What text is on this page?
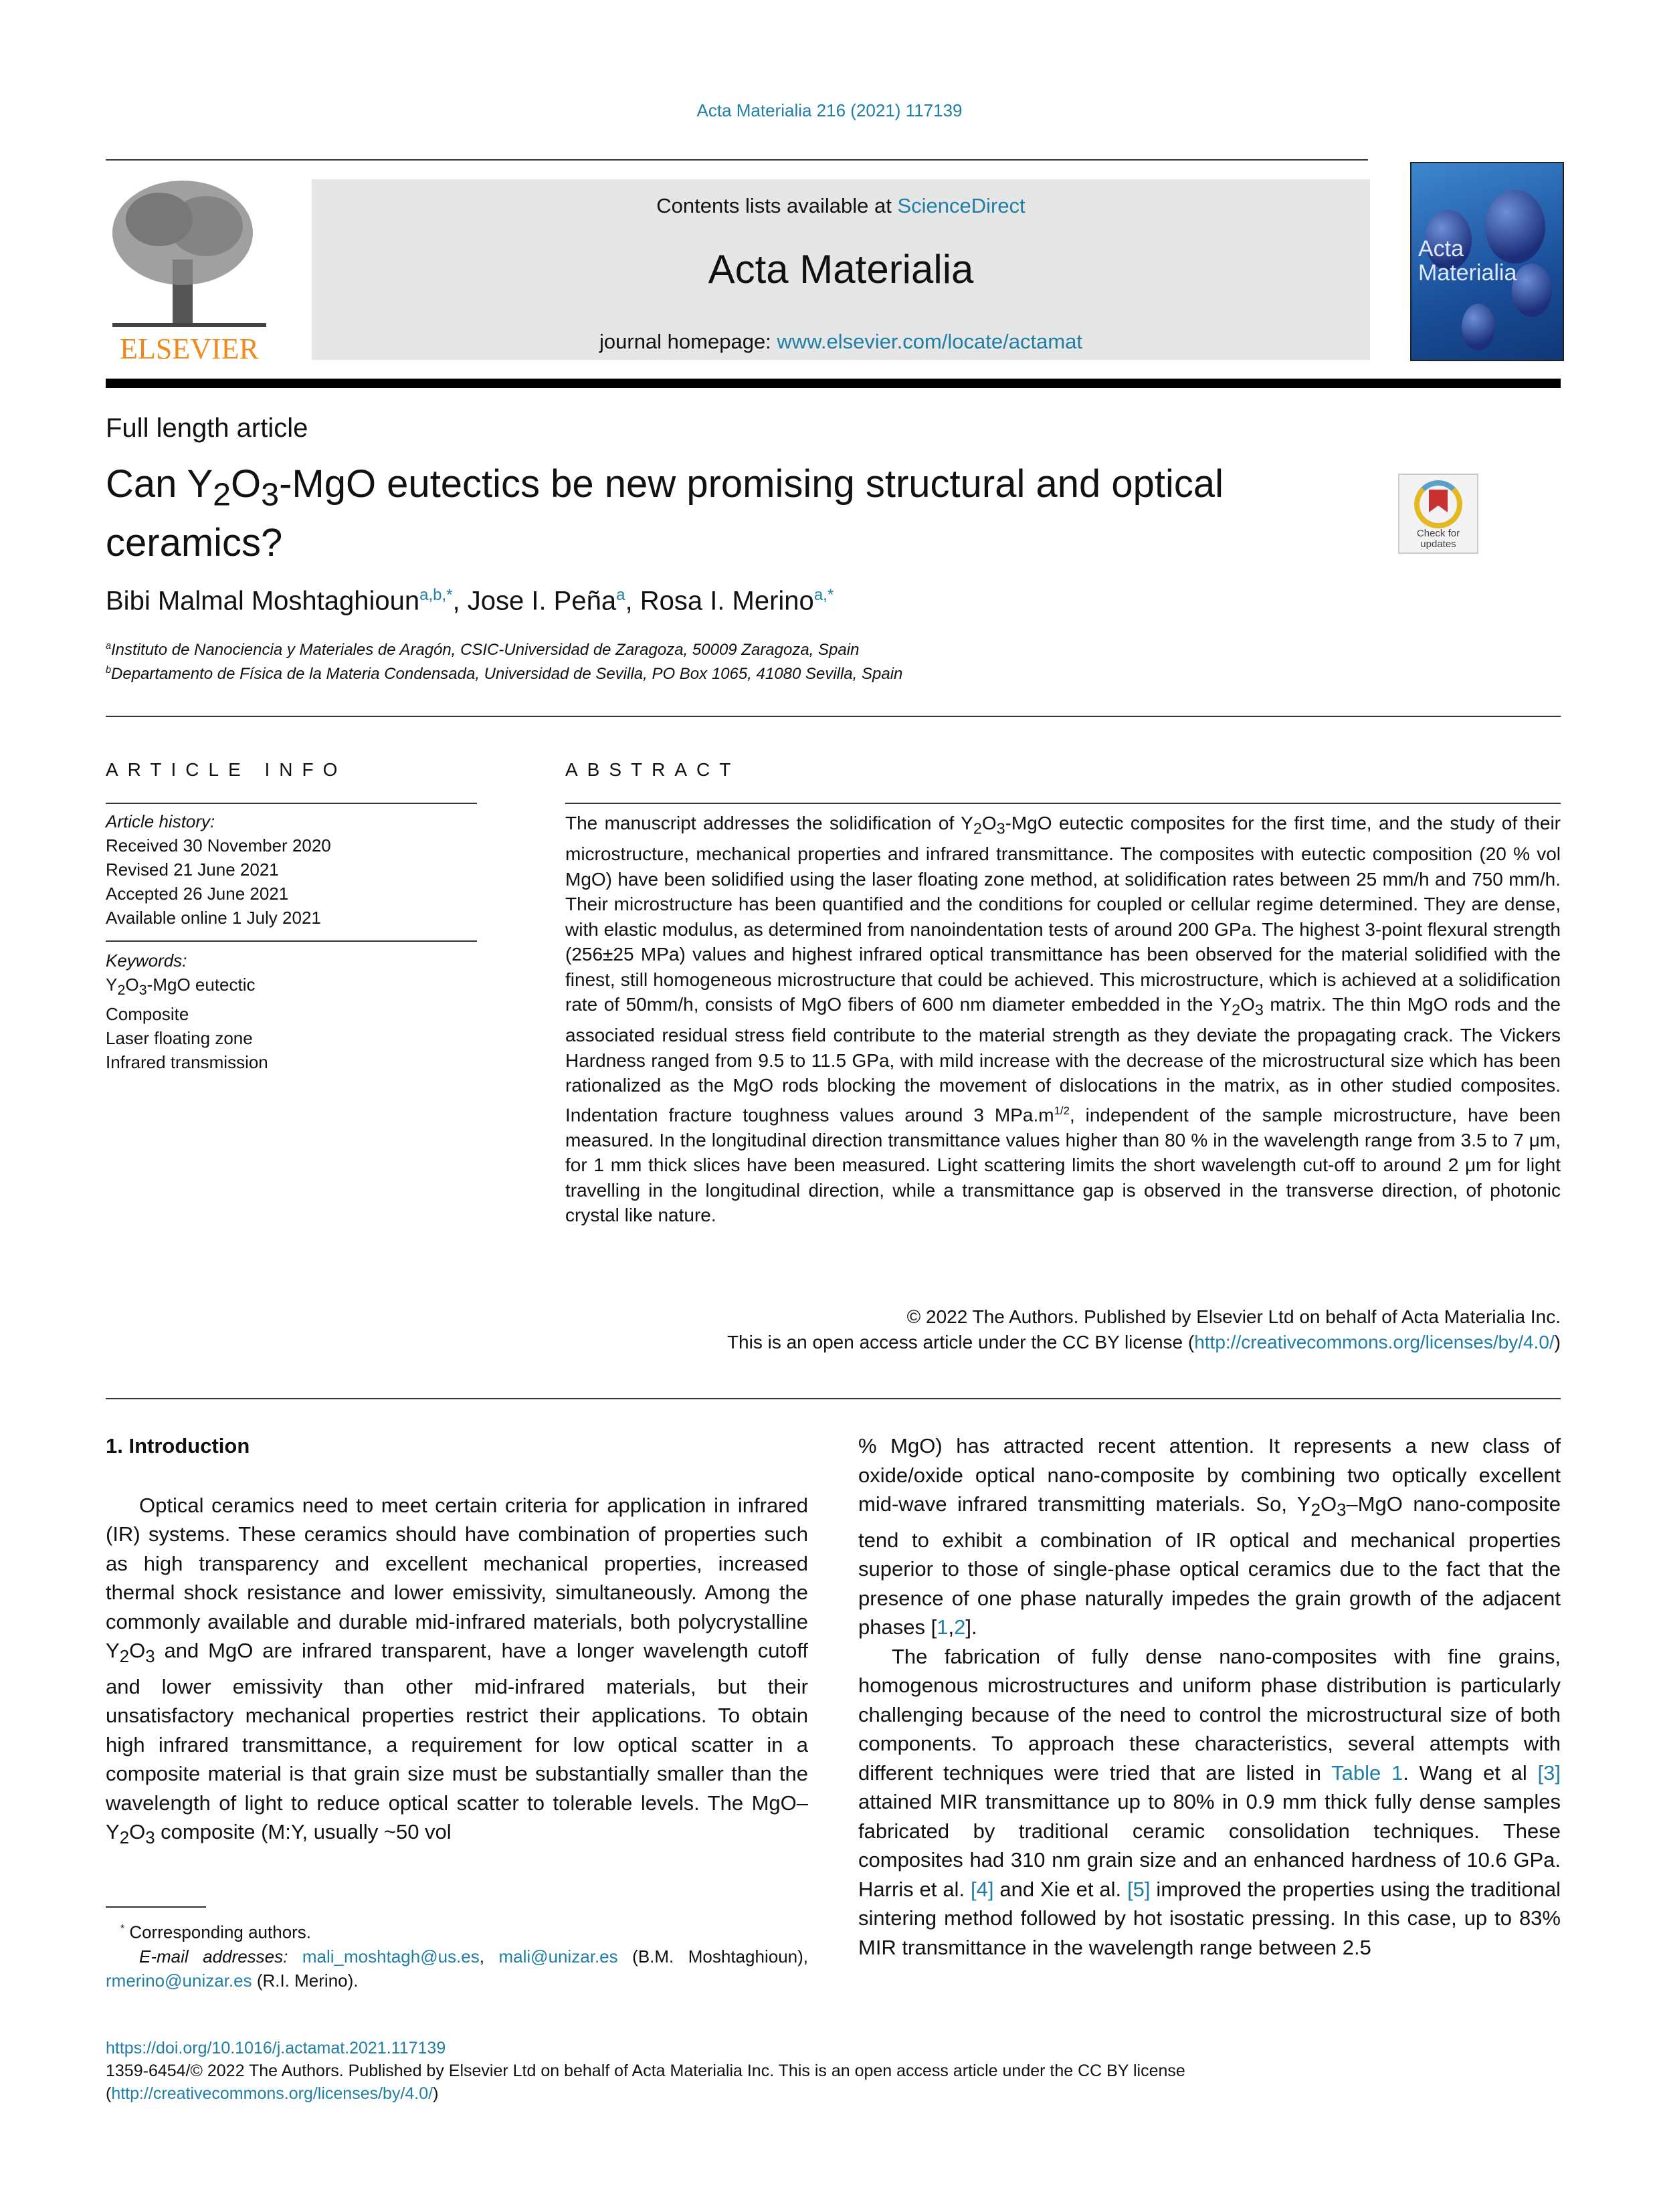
Acta Materialia 216 (2021) 117139
ELSEVIER
Contents lists available at ScienceDirect
Acta Materialia
journal homepage: www.elsevier.com/locate/actamat
Acta
Materialia
Full length article
Can $Y_2O_3$-MgO eutectics be new promising structural and optical ceramics?	Check for updates
Bibi Malmal Moshtaghioun$^{a,b,*}$, Jose I. Peña$^a$, Rosa I. Merino$^{a,*}$
$^a$Instituto de Nanociencia y Materiales de Aragón, CSIC-Universidad de Zaragoza, 50009 Zaragoza, Spain
$^b$Departamento de Física de la Materia Condensada, Universidad de Sevilla, PO Box 1065, 41080 Sevilla, Spain
ARTICLE INFO	ABSTRACT
Article history:
Received 30 November 2020
Revised 21 June 2021
Accepted 26 June 2021
Available online 1 July 2021
Keywords:
$Y_2O_3$-MgO eutectic
Composite
Laser floating zone
Infrared transmission
The manuscript addresses the solidification of $Y_2O_3$-MgO eutectic composites for the first time, and the study of their microstructure, mechanical properties and infrared transmittance. The composites with eutectic composition (20 % vol MgO) have been solidified using the laser floating zone method, at solidification rates between 25 mm/h and 750 mm/h. Their microstructure has been quantified and the conditions for coupled or cellular regime determined. They are dense, with elastic modulus, as determined from nanoindentation tests of around 200 GPa. The highest 3-point flexural strength (256±25 MPa) values and highest infrared optical transmittance has been observed for the material solidified with the finest, still homogeneous microstructure that could be achieved. This microstructure, which is achieved at a solidification rate of 50mm/h, consists of MgO fibers of 600 nm diameter embedded in the $Y_2O_3$ matrix. The thin MgO rods and the associated residual stress field contribute to the material strength as they deviate the propagating crack. The Vickers Hardness ranged from 9.5 to 11.5 GPa, with mild increase with the decrease of the microstructural size which has been rationalized as the MgO rods blocking the movement of dislocations in the matrix, as in other studied composites. Indentation fracture toughness values around 3 $MPa.m^{1/2}$, independent of the sample microstructure, have been measured. In the longitudinal direction transmittance values higher than 80 % in the wavelength range from 3.5 to 7 μm, for 1 mm thick slices have been measured. Light scattering limits the short wavelength cut-off to around 2 μm for light travelling in the longitudinal direction, while a transmittance gap is observed in the transverse direction, of photonic crystal like nature.
© 2022 The Authors. Published by Elsevier Ltd on behalf of Acta Materialia Inc.
This is an open access article under the CC BY license (http://creativecommons.org/licenses/by/4.0/)
1. Introduction

Optical ceramics need to meet certain criteria for application in infrared (IR) systems. These ceramics should have combination of properties such as high transparency and excellent mechanical properties, increased thermal shock resistance and lower emissivity, simultaneously. Among the commonly available and durable mid-infrared materials, both polycrystalline $Y_2O_3$ and MgO are infrared transparent, have a longer wavelength cutoff and lower emissivity than other mid-infrared materials, but their unsatisfactory mechanical properties restrict their applications. To obtain high infrared transmittance, a requirement for low optical scatter in a composite material is that grain size must be substantially smaller than the wavelength of light to reduce optical scatter to tolerable levels. The MgO–$Y_2O_3$ composite (M:Y, usually ~50 vol

* Corresponding authors.
E-mail addresses: mali_moshtagh@us.es, mali@unizar.es (B.M. Moshtaghioun), rmerino@unizar.es (R.I. Merino).

% MgO) has attracted recent attention. It represents a new class of oxide/oxide optical nano-composite by combining two optically excellent mid-wave infrared transmitting materials. So, $Y_2O_3$–MgO nano-composite tend to exhibit a combination of IR optical and mechanical properties superior to those of single-phase optical ceramics due to the fact that the presence of one phase naturally impedes the grain growth of the adjacent phases [1,2].

The fabrication of fully dense nano-composites with fine grains, homogenous microstructures and uniform phase distribution is particularly challenging because of the need to control the microstructural size of both components. To approach these characteristics, several attempts with different techniques were tried that are listed in Table 1. Wang et al [3] attained MIR transmittance up to 80% in 0.9 mm thick fully dense samples fabricated by traditional ceramic consolidation techniques. These composites had 310 nm grain size and an enhanced hardness of 10.6 GPa. Harris et al. [4] and Xie et al. [5] improved the properties using the traditional sintering method followed by hot isostatic pressing. In this case, up to 83% MIR transmittance in the wavelength range between 2.5

https://doi.org/10.1016/j.actamat.2021.117139
1359-6454/© 2022 The Authors. Published by Elsevier Ltd on behalf of Acta Materialia Inc. This is an open access article under the CC BY license
(http://creativecommons.org/licenses/by/4.0/)
